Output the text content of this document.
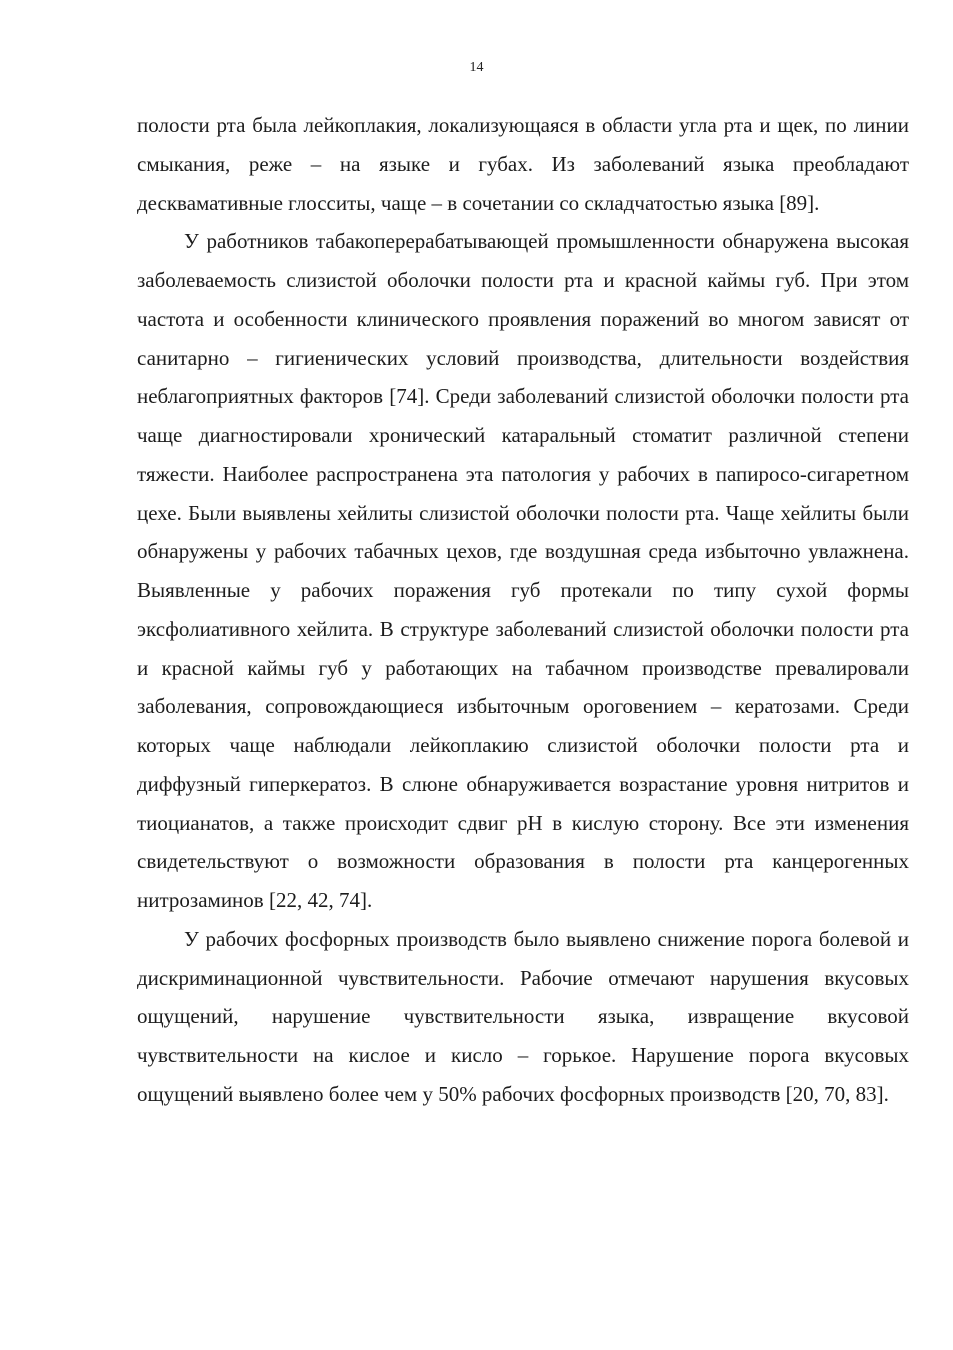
14

полости рта была лейкоплакия, локализующаяся в области угла рта и щек, по линии смыкания, реже – на языке и губах. Из заболеваний языка преобладают десквамативные глосситы, чаще – в сочетании со складчатостью языка [89].

У работников табакоперерабатывающей промышленности обнаружена высокая заболеваемость слизистой оболочки полости рта и красной каймы губ. При этом частота и особенности клинического проявления поражений во многом зависят от санитарно – гигиенических условий производства, длительности воздействия неблагоприятных факторов [74]. Среди заболеваний слизистой оболочки полости рта чаще диагностировали хронический катаральный стоматит различной степени тяжести. Наиболее распространена эта патология у рабочих в папиросо-сигаретном цехе. Были выявлены хейлиты слизистой оболочки полости рта. Чаще хейлиты были обнаружены у рабочих табачных цехов, где воздушная среда избыточно увлажнена. Выявленные у рабочих поражения губ протекали по типу сухой формы эксфолиативного хейлита. В структуре заболеваний слизистой оболочки полости рта и красной каймы губ у работающих на табачном производстве превалировали заболевания, сопровождающиеся избыточным ороговением – кератозами. Среди которых чаще наблюдали лейкоплакию слизистой оболочки полости рта и диффузный гиперкератоз. В слюне обнаруживается возрастание уровня нитритов и тиоцианатов, а также происходит сдвиг pH в кислую сторону. Все эти изменения свидетельствуют о возможности образования в полости рта канцерогенных нитрозаминов [22, 42, 74].

У рабочих фосфорных производств было выявлено снижение порога болевой и дискриминационной чувствительности. Рабочие отмечают нарушения вкусовых ощущений, нарушение чувствительности языка, извращение вкусовой чувствительности на кислое и кисло – горькое. Нарушение порога вкусовых ощущений выявлено более чем у 50% рабочих фосфорных производств [20, 70, 83].
